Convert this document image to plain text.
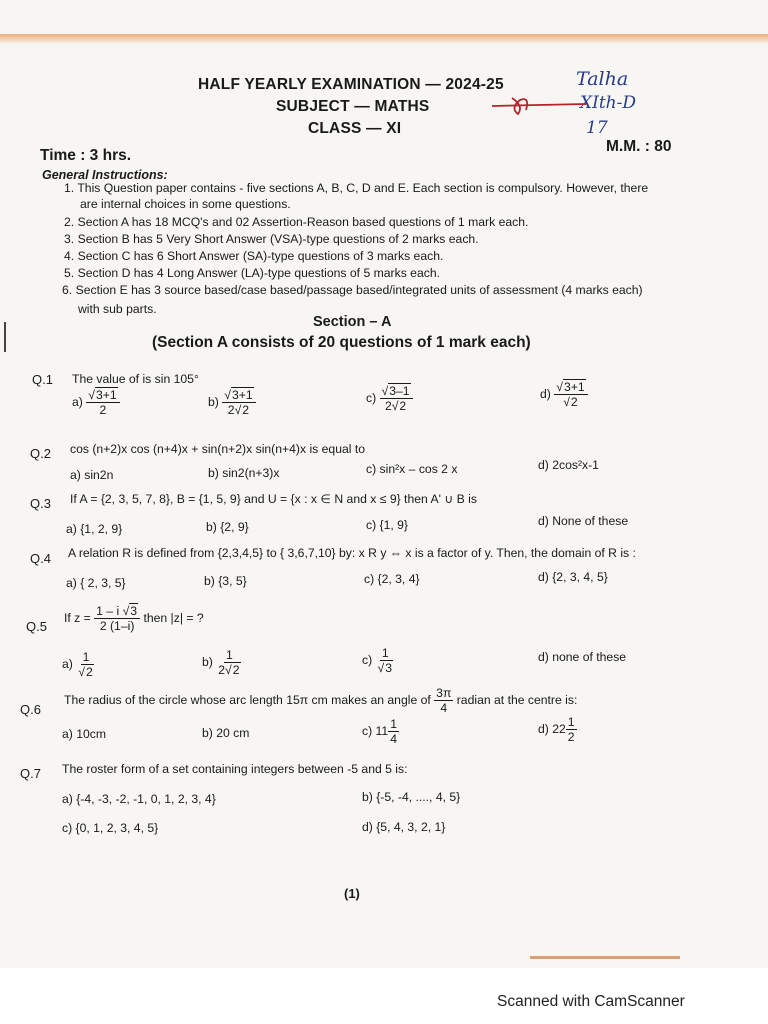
HALF YEARLY EXAMINATION — 2024-25
SUBJECT — MATHS
CLASS — XI
Time : 3 hrs.
M.M. : 80
Talha
XIth-D
17
General Instructions:
1. This Question paper contains - five sections A, B, C, D and E. Each section is compulsory. However, there
are internal choices in some questions.
2. Section A has 18 MCQ's and 02 Assertion-Reason based questions of 1 mark each.
3. Section B has 5 Very Short Answer (VSA)-type questions of 2 marks each.
4. Section C has 6 Short Answer (SA)-type questions of 3 marks each.
5. Section D has 4 Long Answer (LA)-type questions of 5 marks each.
6. Section E has 3 source based/case based/passage based/integrated units of assessment (4 marks each)
with sub parts.
Section – A
(Section A consists of 20 questions of 1 mark each)
Q.1 The value of is sin 105°
$a) \frac{√3+1}{2}$	$b) \frac{√3+1}{2√2}$	$c) \frac{√3-1}{2√2}$	$d) \frac{√3+1}{√2}$
Q.2 cos (n+2)x cos (n+4)x + sin(n+2)x sin(n+4)x is equal to
a) sin2n	b) sin2(n+3)x	c) sin²x – cos 2 x	d) 2cos²x-1
Q.3 If A = {2, 3, 5, 7, 8}, B = {1, 5, 9} and U = {x : x ∈ N and x ≤ 9} then A' ∪ B is
a) {1, 2, 9}	b) {2, 9}	c) {1, 9}	d) None of these
Q.4 A relation R is defined from {2,3,4,5} to { 3,6,7,10} by: x R y ⇔ x is a factor of y. Then, the domain of R is :
a) { 2, 3, 5}	b) {3, 5}	c) {2, 3, 4}	d) {2, 3, 4, 5}
Q.5
If $z = \frac{1 - i √3}{2 (1-i)}$ then |z| = ?
$a) \frac{1}{√2}$	$b) \frac{1}{2√2}$	$c) \frac{1}{√3}$	d) none of these
Q.6
The radius of the circle whose arc length 15π cm makes an angle of $\frac{3\pi}{4}$ radian at the centre is:
a) 10cm	b) 20 cm	c) $11 \frac{1}{4}$	d) $22 \frac{1}{2}$
Q.7 The roster form of a set containing integers between -5 and 5 is:
a) {-4, -3, -2, -1, 0, 1, 2, 3, 4}	b) {-5, -4, ...., 4, 5}
c) {0, 1, 2, 3, 4, 5}	d) {5, 4, 3, 2, 1}
(1)
Scanned with CamScanner
